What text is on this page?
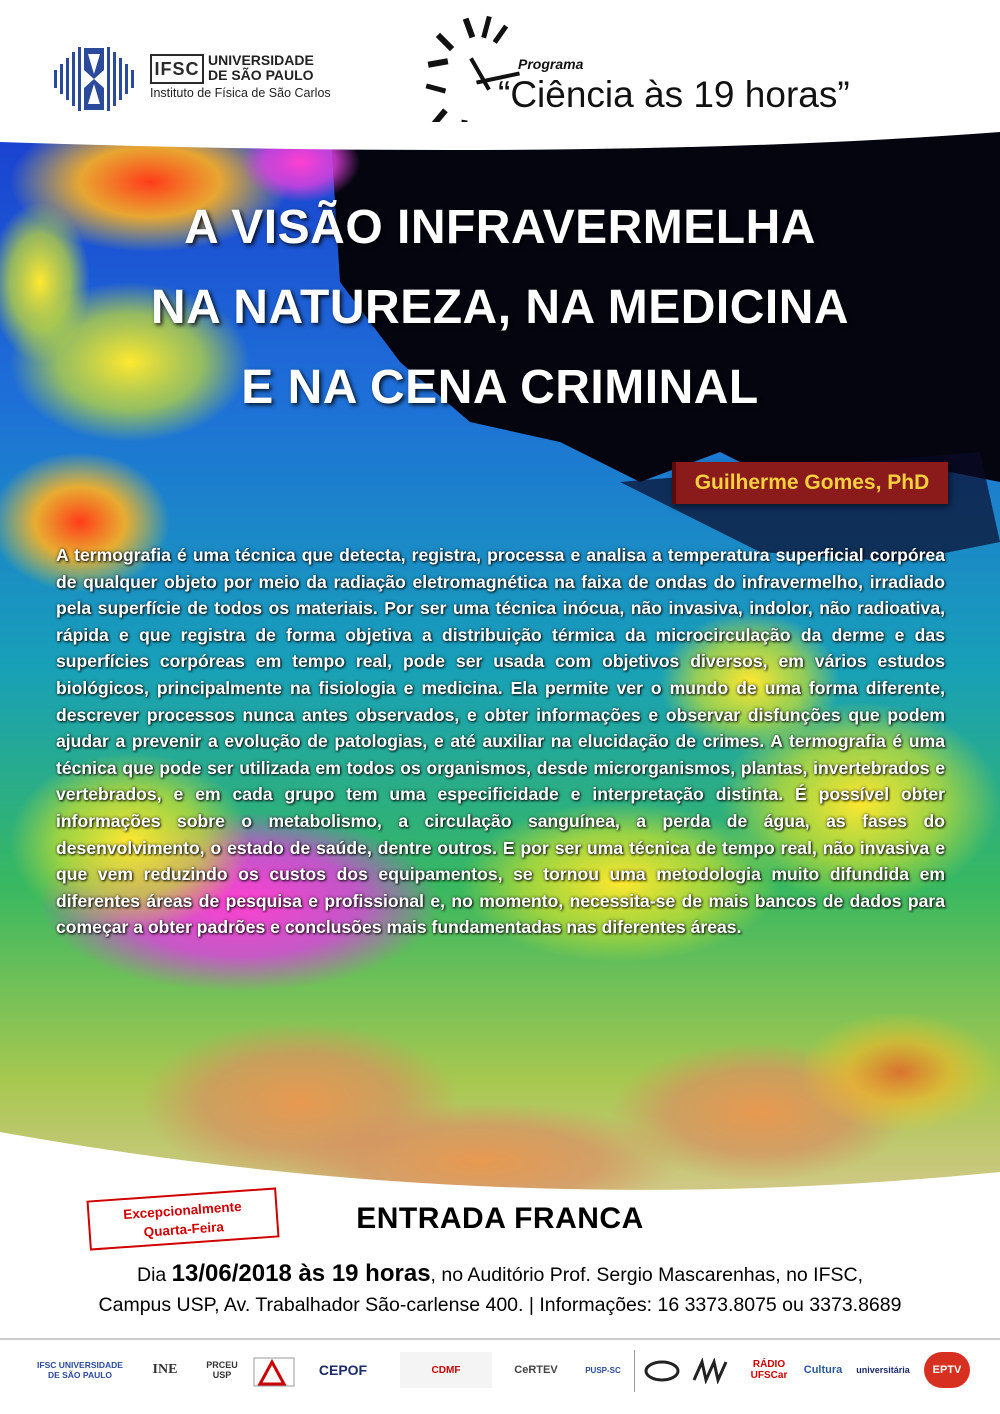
IFSC UNIVERSIDADE
DE SÃO PAULO
Instituto de Física de São Carlos
Programa
“Ciência às 19 horas”
A VISÃO INFRAVERMELHA
NA NATUREZA, NA MEDICINA
E NA CENA CRIMINAL
Guilherme Gomes, PhD
A termografia é uma técnica que detecta, registra, processa e analisa a temperatura superficial corpórea de qualquer objeto por meio da radiação eletromagnética na faixa de ondas do infravermelho, irradiado pela superfície de todos os materiais. Por ser uma técnica inócua, não invasiva, indolor, não radioativa, rápida e que registra de forma objetiva a distribuição térmica da microcirculação da derme e das superfícies corpóreas em tempo real, pode ser usada com objetivos diversos, em vários estudos biológicos, principalmente na fisiologia e medicina. Ela permite ver o mundo de uma forma diferente, descrever processos nunca antes observados, e obter informações e observar disfunções que podem ajudar a prevenir a evolução de patologias, e até auxiliar na elucidação de crimes. A termografia é uma técnica que pode ser utilizada em todos os organismos, desde microrganismos, plantas, invertebrados e vertebrados, e em cada grupo tem uma especificidade e interpretação distinta. É possível obter informações sobre o metabolismo, a circulação sanguínea, a perda de água, as fases do desenvolvimento, o estado de saúde, dentre outros. E por ser uma técnica de tempo real, não invasiva e que vem reduzindo os custos dos equipamentos, se tornou uma metodologia muito difundida em diferentes áreas de pesquisa e profissional e, no momento, necessita-se de mais bancos de dados para começar a obter padrões e conclusões mais fundamentadas nas diferentes áreas.
Excepcionalmente
Quarta-Feira	ENTRADA FRANCA
Dia 13/06/2018 às 19 horas, no Auditório Prof. Sergio Mascarenhas, no IFSC,
Campus USP, Av. Trabalhador São-carlense 400. | Informações: 16 3373.8075 ou 3373.8689
IFSC UNIVERSIDADE DE SÃO PAULO	INE	PRCEU USP	CEPOF	CDMF	CeRTEV	PUSP-SC	RÁDIO UFSCar	Cultura	universitária	EPTV
